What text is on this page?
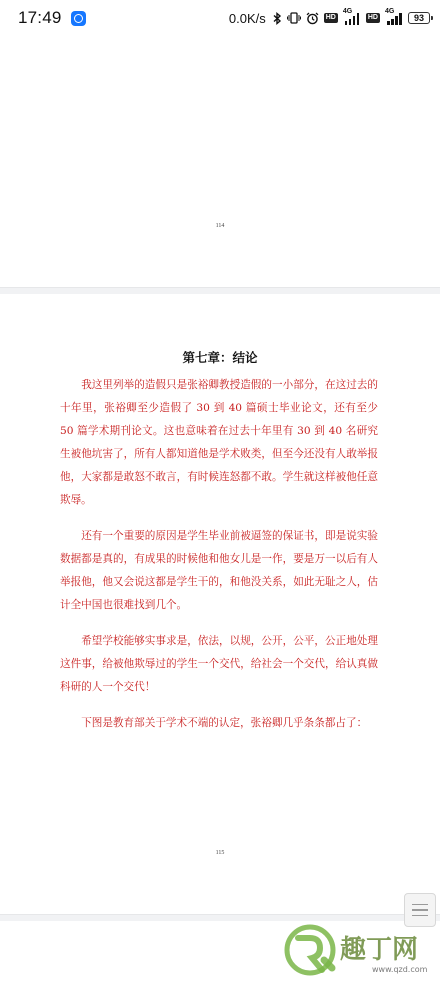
17:49	0.0K/s	HD
4G
HD
4G
93
114
第七章：结论

我这里列举的造假只是张裕卿教授造假的一小部分，在这过去的十年里，张裕卿至少造假了 30 到 40 篇硕士毕业论文，还有至少 50 篇学术期刊论文。这也意味着在过去十年里有 30 到 40 名研究生被他坑害了，所有人都知道他是学术败类，但至今还没有人敢举报他，大家都是敢怒不敢言，有时候连怒都不敢。学生就这样被他任意欺辱。

还有一个重要的原因是学生毕业前被逼签的保证书，即是说实验数据都是真的，有成果的时候他和他女儿是一作，要是万一以后有人举报他，他又会说这都是学生干的，和他没关系，如此无耻之人，估计全中国也很难找到几个。

希望学校能够实事求是，依法，以规，公开，公平，公正地处理这件事，给被他欺辱过的学生一个交代，给社会一个交代，给认真做科研的人一个交代！

下图是教育部关于学术不端的认定，张裕卿几乎条条都占了：

115
趣丁网
www.qzd.com
